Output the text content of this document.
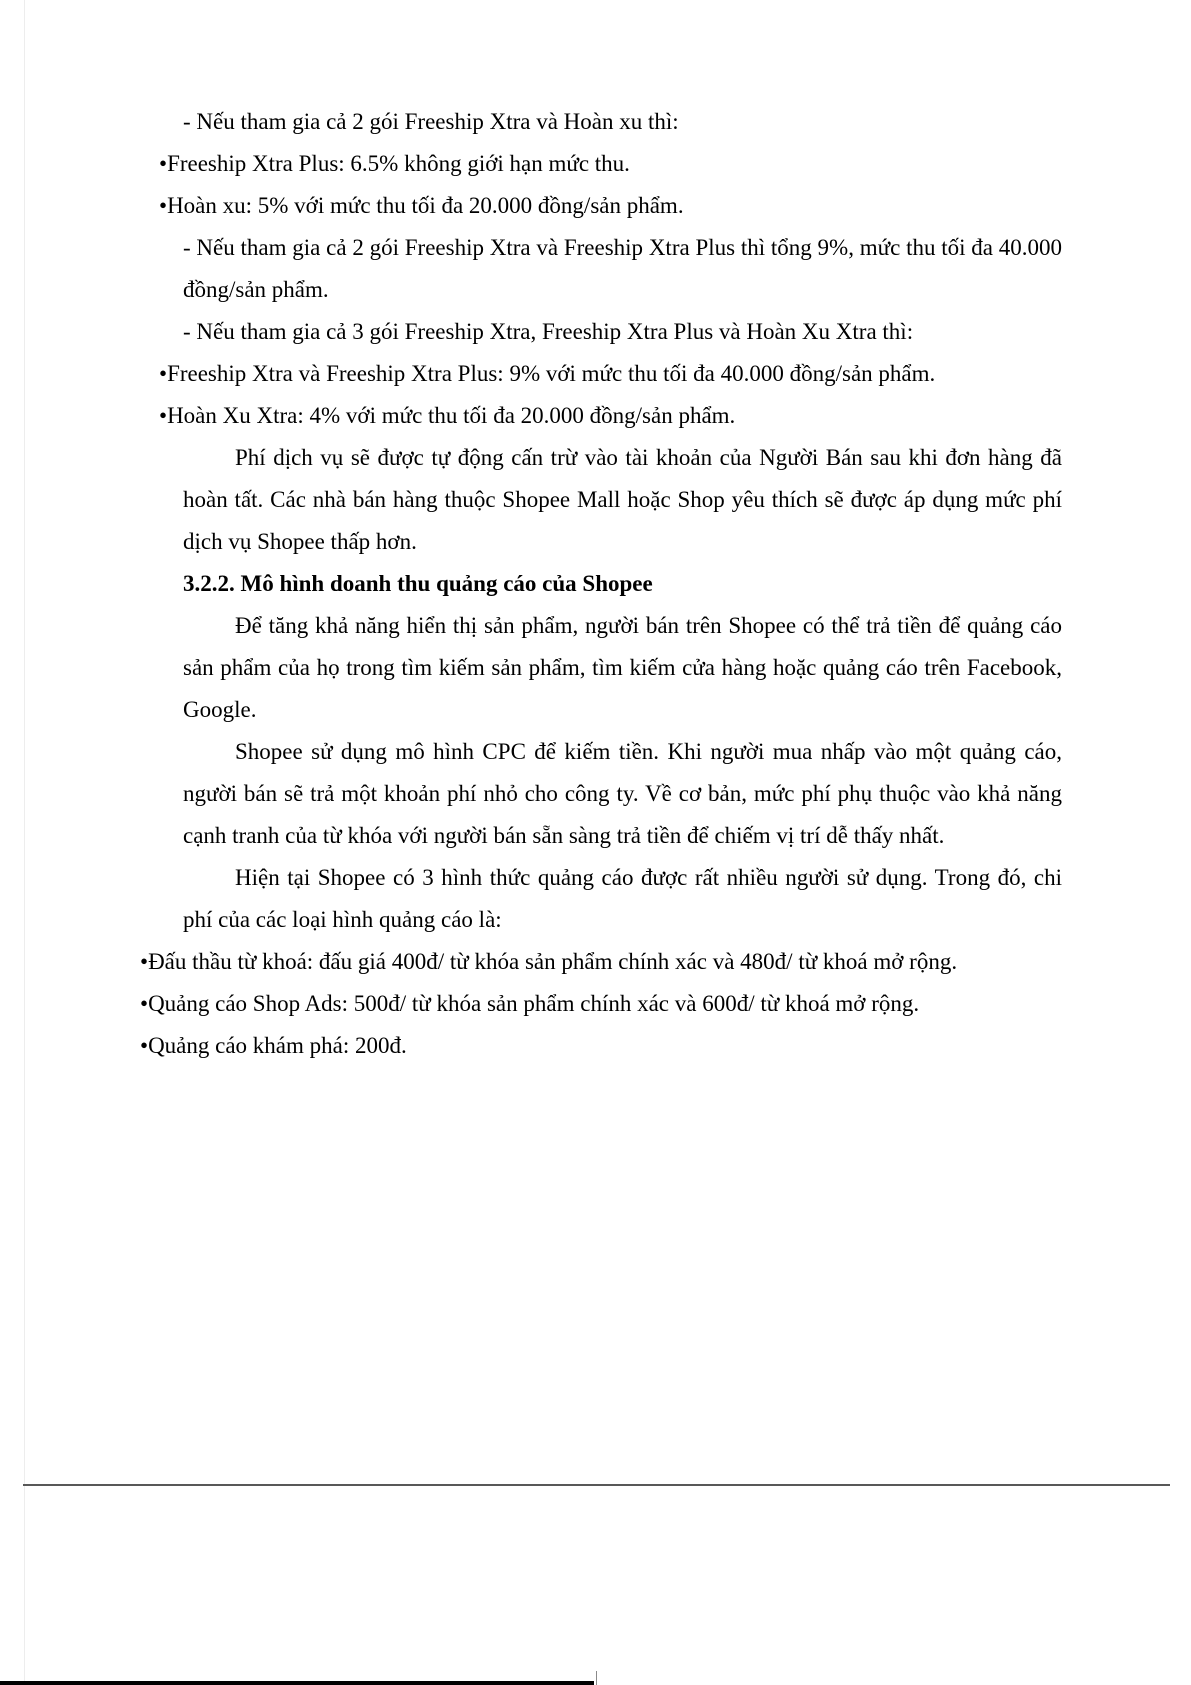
- Nếu tham gia cả 2 gói Freeship Xtra và Hoàn xu thì:

•Freeship Xtra Plus: 6.5% không giới hạn mức thu.

•Hoàn xu: 5% với mức thu tối đa 20.000 đồng/sản phẩm.

- Nếu tham gia cả 2 gói Freeship Xtra và Freeship Xtra Plus thì tổng 9%, mức thu tối đa 40.000 đồng/sản phẩm.

- Nếu tham gia cả 3 gói Freeship Xtra, Freeship Xtra Plus và Hoàn Xu Xtra thì:

•Freeship Xtra và Freeship Xtra Plus: 9% với mức thu tối đa 40.000 đồng/sản phẩm.

•Hoàn Xu Xtra: 4% với mức thu tối đa 20.000 đồng/sản phẩm.

Phí dịch vụ sẽ được tự động cấn trừ vào tài khoản của Người Bán sau khi đơn hàng đã hoàn tất. Các nhà bán hàng thuộc Shopee Mall hoặc Shop yêu thích sẽ được áp dụng mức phí dịch vụ Shopee thấp hơn.

3.2.2. Mô hình doanh thu quảng cáo của Shopee

Để tăng khả năng hiển thị sản phẩm, người bán trên Shopee có thể trả tiền để quảng cáo sản phẩm của họ trong tìm kiếm sản phẩm, tìm kiếm cửa hàng hoặc quảng cáo trên Facebook, Google.

Shopee sử dụng mô hình CPC để kiếm tiền. Khi người mua nhấp vào một quảng cáo, người bán sẽ trả một khoản phí nhỏ cho công ty. Về cơ bản, mức phí phụ thuộc vào khả năng cạnh tranh của từ khóa với người bán sẵn sàng trả tiền để chiếm vị trí dễ thấy nhất.

Hiện tại Shopee có 3 hình thức quảng cáo được rất nhiều người sử dụng. Trong đó, chi phí của các loại hình quảng cáo là:

•Đấu thầu từ khoá: đấu giá 400đ/ từ khóa sản phẩm chính xác và 480đ/ từ khoá mở rộng.

•Quảng cáo Shop Ads: 500đ/ từ khóa sản phẩm chính xác và 600đ/ từ khoá mở rộng.

•Quảng cáo khám phá: 200đ.
